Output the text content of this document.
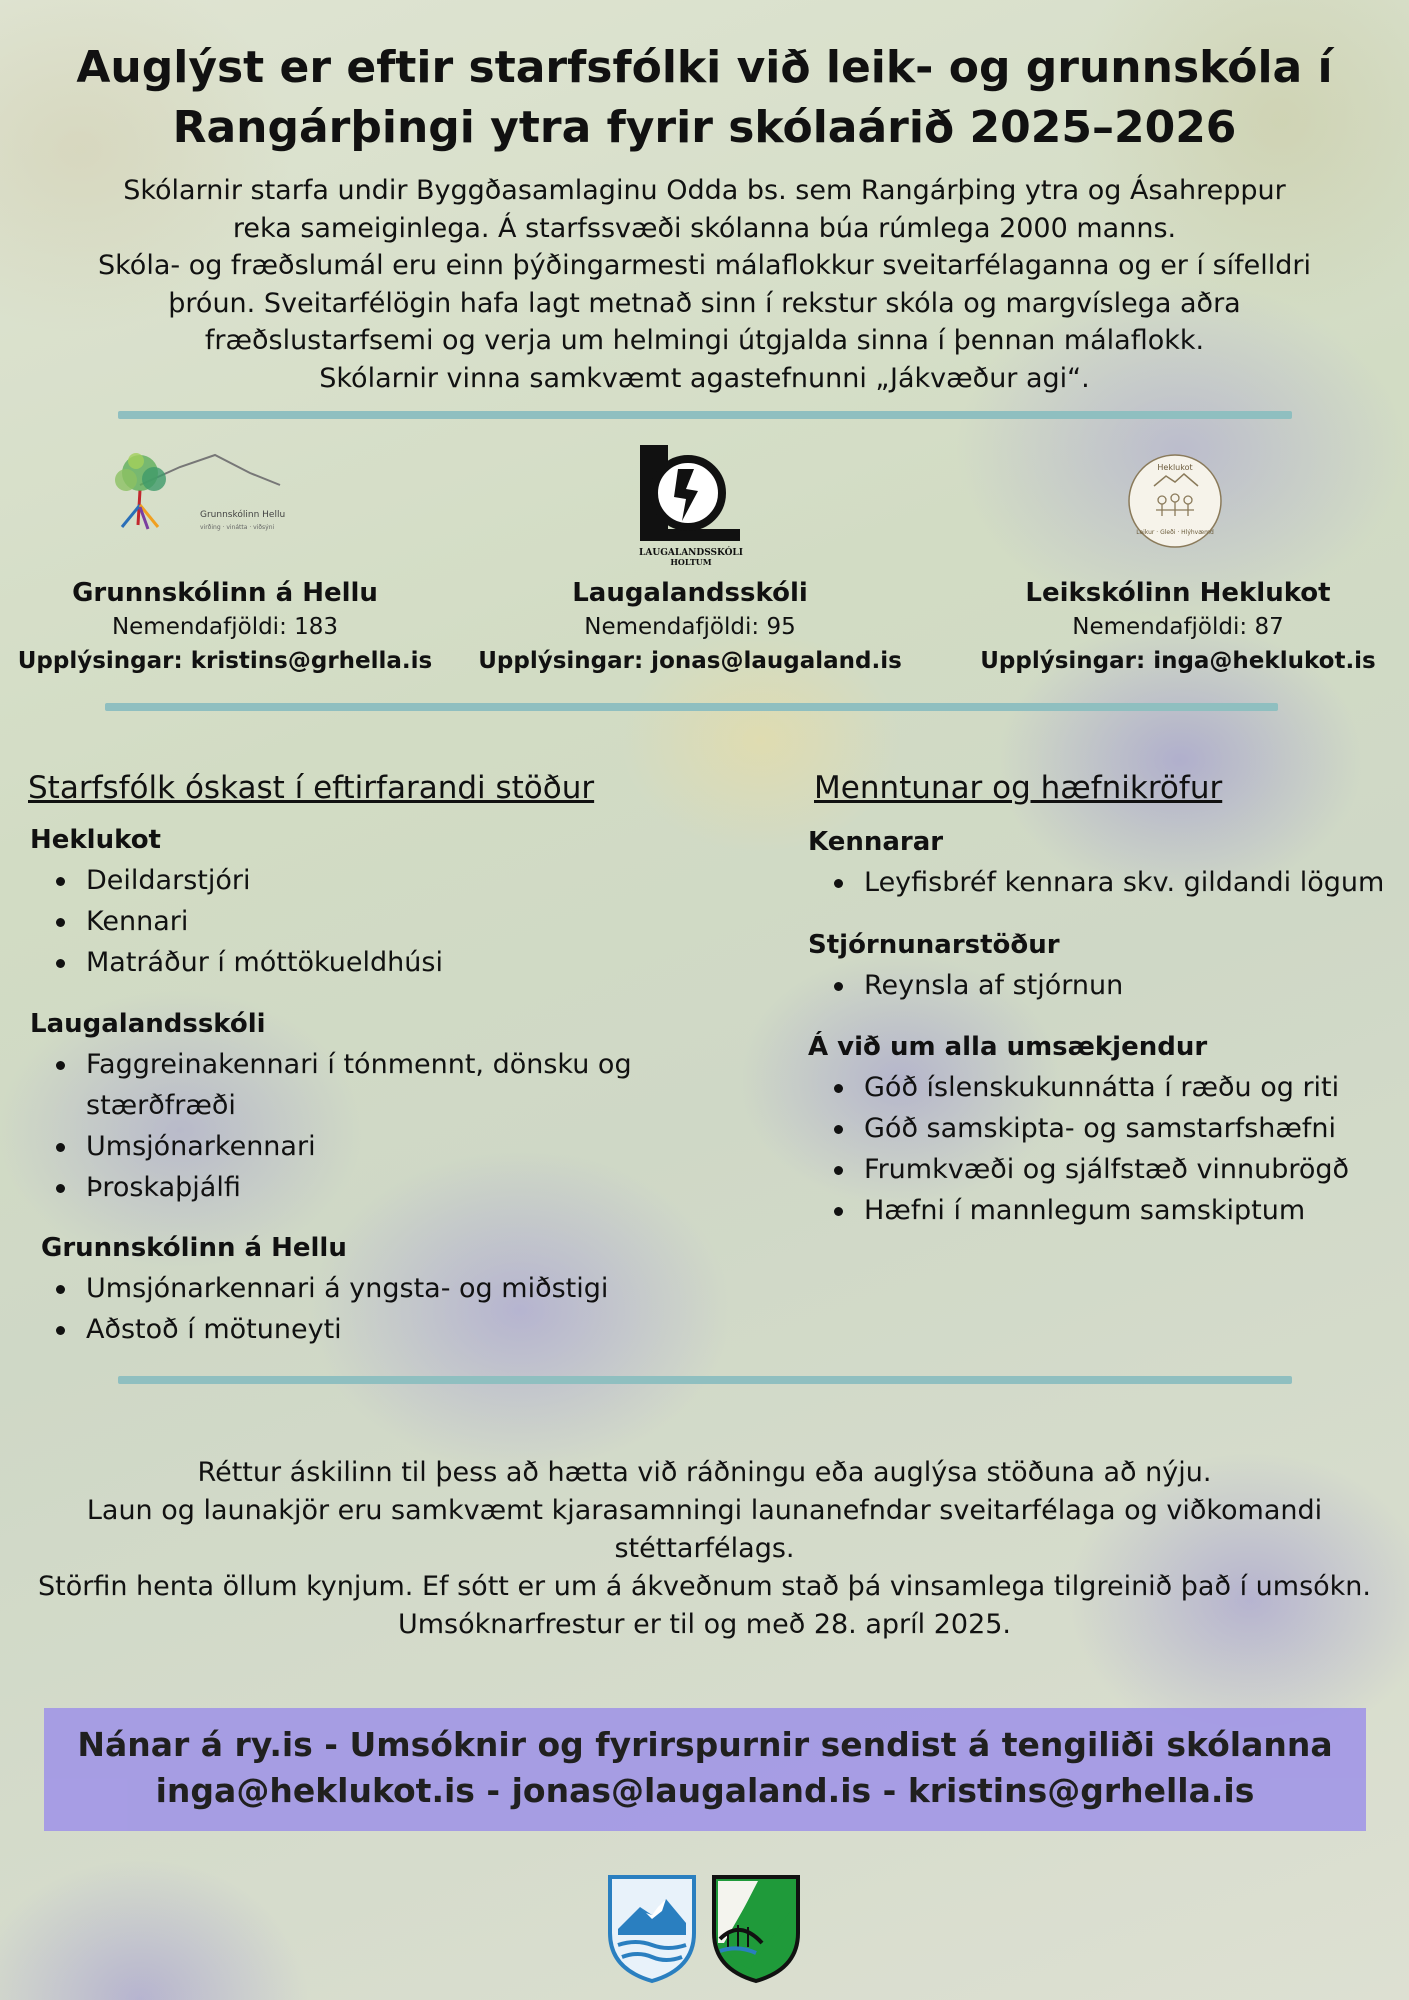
Auglýst er eftir starfsfólki við leik- og grunnskóla í
Rangárþingi ytra fyrir skólaárið 2025–2026
Skólarnir starfa undir Byggðasamlaginu Odda bs. sem Rangárþing ytra og Ásahreppur
reka sameiginlega. Á starfssvæði skólanna búa rúmlega 2000 manns.
Skóla- og fræðslumál eru einn þýðingarmesti málaflokkur sveitarfélaganna og er í sífelldri
þróun. Sveitarfélögin hafa lagt metnað sinn í rekstur skóla og margvíslega aðra
fræðslustarfsemi og verja um helmingi útgjalda sinna í þennan málaflokk.
Skólarnir vinna samkvæmt agastefnunni „Jákvæður agi“.
Grunnskólinn Hellu
virðing · vinátta · viðsýni
LAUGALANDSSKÓLI
HOLTUM
Heklukot
Leikur · Gleði · Hlýhvæmd
Grunnskólinn á Hellu
Nemendafjöldi: 183
Upplýsingar: kristins@grhella.is
Laugalandsskóli
Nemendafjöldi: 95
Upplýsingar: jonas@laugaland.is
Leikskólinn Heklukot
Nemendafjöldi: 87
Upplýsingar: inga@heklukot.is
Starfsfólk óskast í eftirfarandi stöður
Heklukot
Deildarstjóri
Kennari
Matráður í móttökueldhúsi
Laugalandsskóli
Faggreinakennari í tónmennt, dönsku og stærðfræði
Umsjónarkennari
Þroskaþjálfi
Grunnskólinn á Hellu
Umsjónarkennari á yngsta- og miðstigi
Aðstoð í mötuneyti
Menntunar og hæfnikröfur
Kennarar
Leyfisbréf kennara skv. gildandi lögum
Stjórnunarstöður
Reynsla af stjórnun
Á við um alla umsækjendur
Góð íslenskukunnátta í ræðu og riti
Góð samskipta- og samstarfshæfni
Frumkvæði og sjálfstæð vinnubrögð
Hæfni í mannlegum samskiptum
Réttur áskilinn til þess að hætta við ráðningu eða auglýsa stöðuna að nýju.
Laun og launakjör eru samkvæmt kjarasamningi launanefndar sveitarfélaga og viðkomandi
stéttarfélags.
Störfin henta öllum kynjum. Ef sótt er um á ákveðnum stað þá vinsamlega tilgreinið það í umsókn.
Umsóknarfrestur er til og með 28. apríl 2025.
Nánar á ry.is - Umsóknir og fyrirspurnir sendist á tengiliði skólanna
inga@heklukot.is - jonas@laugaland.is - kristins@grhella.is
